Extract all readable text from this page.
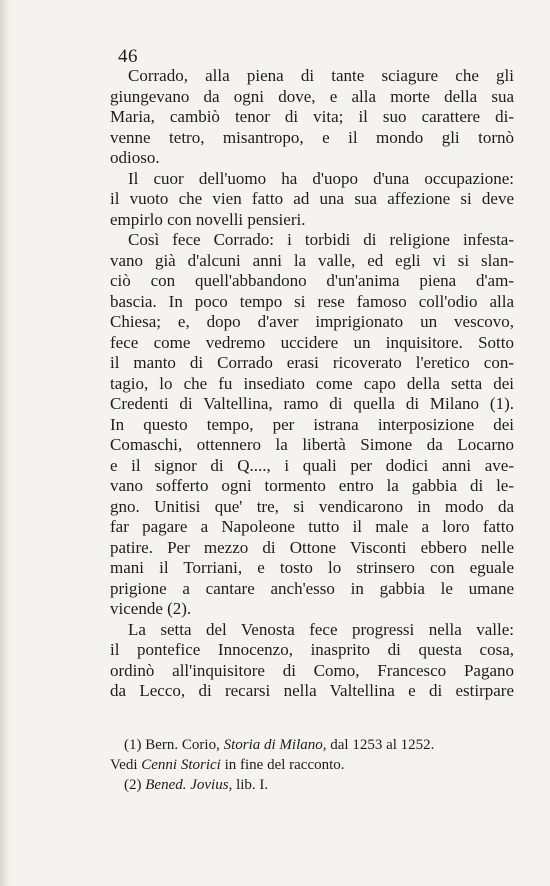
46
Corrado, alla piena di tante sciagure che gli
giungevano da ogni dove, e alla morte della sua
Maria, cambiò tenor di vita; il suo carattere di-
venne tetro, misantropo, e il mondo gli tornò
odioso.
Il cuor dell'uomo ha d'uopo d'una occupazione:
il vuoto che vien fatto ad una sua affezione si deve
empirlo con novelli pensieri.
Così fece Corrado: i torbidi di religione infesta-
vano già d'alcuni anni la valle, ed egli vi si slan-
ciò con quell'abbandono d'un'anima piena d'am-
bascia. In poco tempo si rese famoso coll'odio alla
Chiesa; e, dopo d'aver imprigionato un vescovo,
fece come vedremo uccidere un inquisitore. Sotto
il manto di Corrado erasi ricoverato l'eretico con-
tagio, lo che fu insediato come capo della setta dei
Credenti di Valtellina, ramo di quella di Milano (1).
In questo tempo, per istrana interposizione dei
Comaschi, ottennero la libertà Simone da Locarno
e il signor di Q...., i quali per dodici anni ave-
vano sofferto ogni tormento entro la gabbia di le-
gno. Unitisi que' tre, si vendicarono in modo da
far pagare a Napoleone tutto il male a loro fatto
patire. Per mezzo di Ottone Visconti ebbero nelle
mani il Torriani, e tosto lo strinsero con eguale
prigione a cantare anch'esso in gabbia le umane
vicende (2).
La setta del Venosta fece progressi nella valle:
il pontefice Innocenzo, inasprito di questa cosa,
ordinò all'inquisitore di Como, Francesco Pagano
da Lecco, di recarsi nella Valtellina e di estirpare
(1) Bern. Corio, Storia di Milano, dal 1253 al 1252.
Vedi Cenni Storici in fine del racconto.
(2) Bened. Jovius, lib. I.
